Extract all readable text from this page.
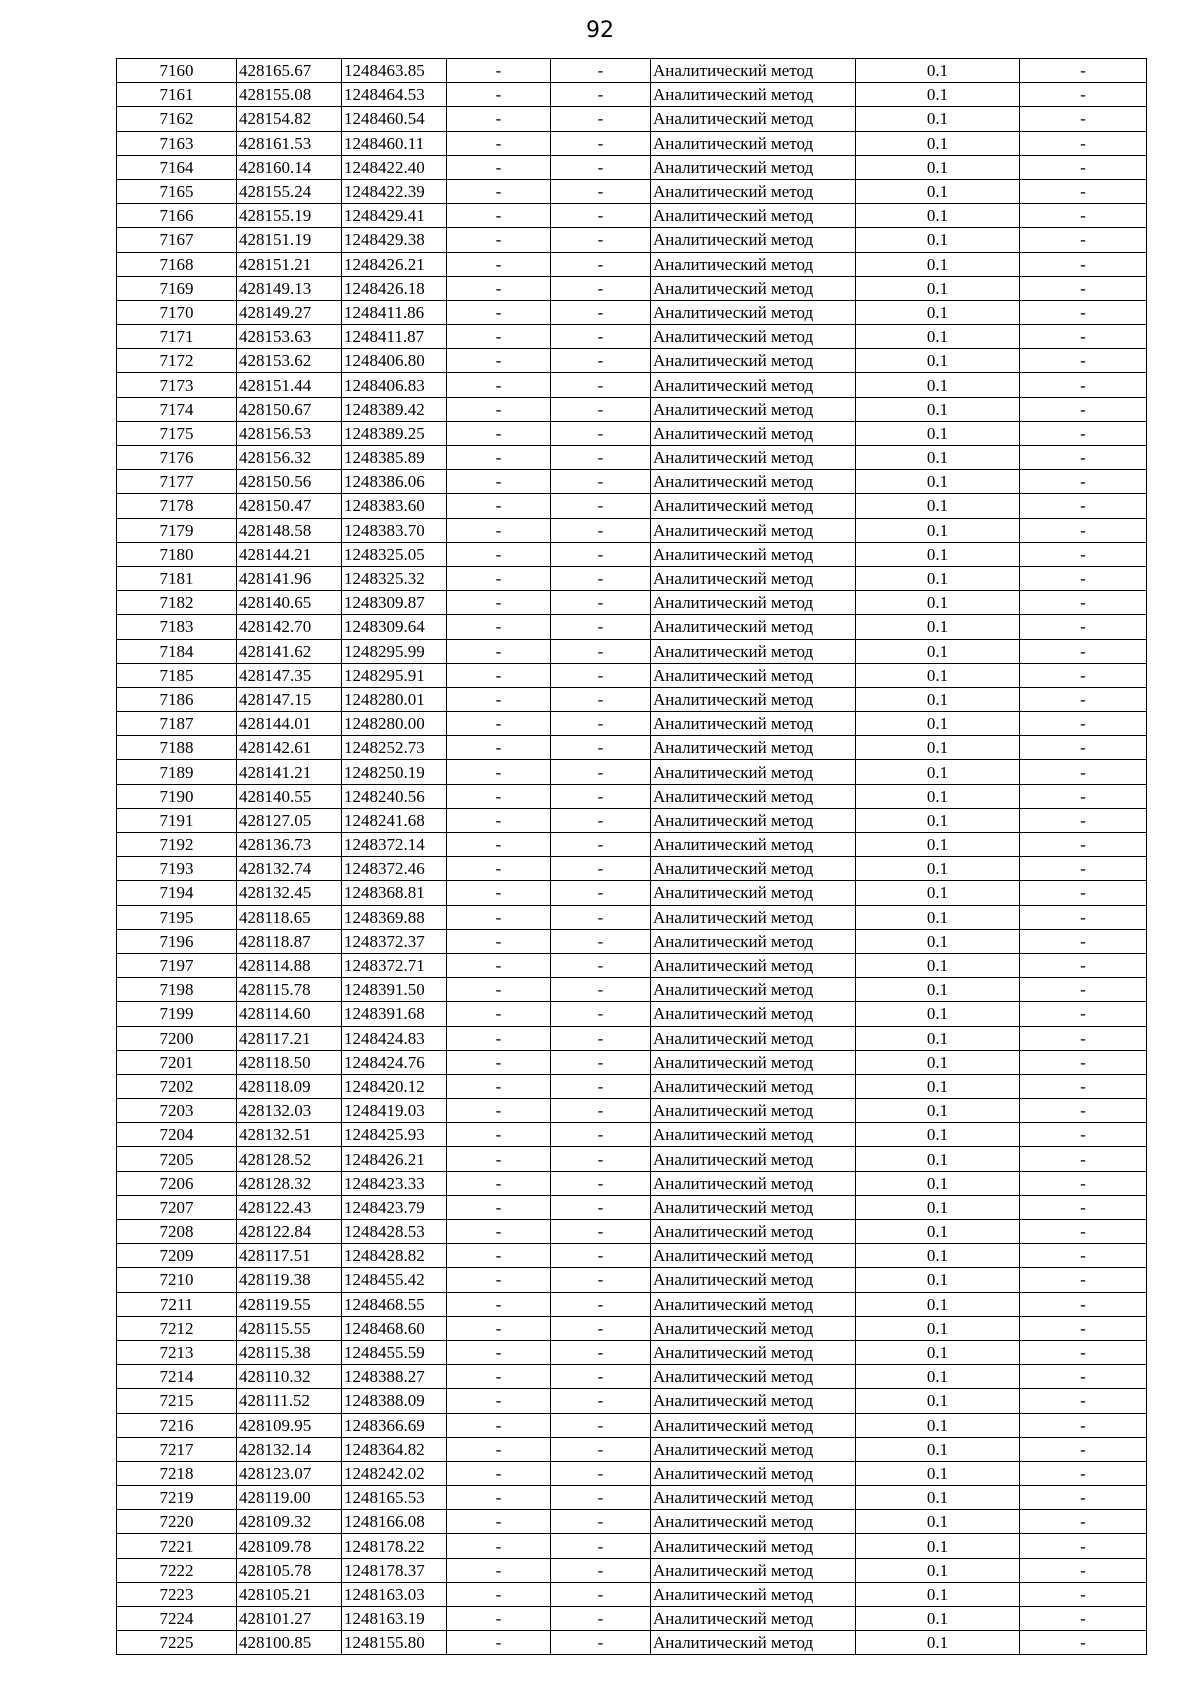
92
7160	428165.67	1248463.85	-	-	Аналитический метод	0.1	-
7161	428155.08	1248464.53	-	-	Аналитический метод	0.1	-
7162	428154.82	1248460.54	-	-	Аналитический метод	0.1	-
7163	428161.53	1248460.11	-	-	Аналитический метод	0.1	-
7164	428160.14	1248422.40	-	-	Аналитический метод	0.1	-
7165	428155.24	1248422.39	-	-	Аналитический метод	0.1	-
7166	428155.19	1248429.41	-	-	Аналитический метод	0.1	-
7167	428151.19	1248429.38	-	-	Аналитический метод	0.1	-
7168	428151.21	1248426.21	-	-	Аналитический метод	0.1	-
7169	428149.13	1248426.18	-	-	Аналитический метод	0.1	-
7170	428149.27	1248411.86	-	-	Аналитический метод	0.1	-
7171	428153.63	1248411.87	-	-	Аналитический метод	0.1	-
7172	428153.62	1248406.80	-	-	Аналитический метод	0.1	-
7173	428151.44	1248406.83	-	-	Аналитический метод	0.1	-
7174	428150.67	1248389.42	-	-	Аналитический метод	0.1	-
7175	428156.53	1248389.25	-	-	Аналитический метод	0.1	-
7176	428156.32	1248385.89	-	-	Аналитический метод	0.1	-
7177	428150.56	1248386.06	-	-	Аналитический метод	0.1	-
7178	428150.47	1248383.60	-	-	Аналитический метод	0.1	-
7179	428148.58	1248383.70	-	-	Аналитический метод	0.1	-
7180	428144.21	1248325.05	-	-	Аналитический метод	0.1	-
7181	428141.96	1248325.32	-	-	Аналитический метод	0.1	-
7182	428140.65	1248309.87	-	-	Аналитический метод	0.1	-
7183	428142.70	1248309.64	-	-	Аналитический метод	0.1	-
7184	428141.62	1248295.99	-	-	Аналитический метод	0.1	-
7185	428147.35	1248295.91	-	-	Аналитический метод	0.1	-
7186	428147.15	1248280.01	-	-	Аналитический метод	0.1	-
7187	428144.01	1248280.00	-	-	Аналитический метод	0.1	-
7188	428142.61	1248252.73	-	-	Аналитический метод	0.1	-
7189	428141.21	1248250.19	-	-	Аналитический метод	0.1	-
7190	428140.55	1248240.56	-	-	Аналитический метод	0.1	-
7191	428127.05	1248241.68	-	-	Аналитический метод	0.1	-
7192	428136.73	1248372.14	-	-	Аналитический метод	0.1	-
7193	428132.74	1248372.46	-	-	Аналитический метод	0.1	-
7194	428132.45	1248368.81	-	-	Аналитический метод	0.1	-
7195	428118.65	1248369.88	-	-	Аналитический метод	0.1	-
7196	428118.87	1248372.37	-	-	Аналитический метод	0.1	-
7197	428114.88	1248372.71	-	-	Аналитический метод	0.1	-
7198	428115.78	1248391.50	-	-	Аналитический метод	0.1	-
7199	428114.60	1248391.68	-	-	Аналитический метод	0.1	-
7200	428117.21	1248424.83	-	-	Аналитический метод	0.1	-
7201	428118.50	1248424.76	-	-	Аналитический метод	0.1	-
7202	428118.09	1248420.12	-	-	Аналитический метод	0.1	-
7203	428132.03	1248419.03	-	-	Аналитический метод	0.1	-
7204	428132.51	1248425.93	-	-	Аналитический метод	0.1	-
7205	428128.52	1248426.21	-	-	Аналитический метод	0.1	-
7206	428128.32	1248423.33	-	-	Аналитический метод	0.1	-
7207	428122.43	1248423.79	-	-	Аналитический метод	0.1	-
7208	428122.84	1248428.53	-	-	Аналитический метод	0.1	-
7209	428117.51	1248428.82	-	-	Аналитический метод	0.1	-
7210	428119.38	1248455.42	-	-	Аналитический метод	0.1	-
7211	428119.55	1248468.55	-	-	Аналитический метод	0.1	-
7212	428115.55	1248468.60	-	-	Аналитический метод	0.1	-
7213	428115.38	1248455.59	-	-	Аналитический метод	0.1	-
7214	428110.32	1248388.27	-	-	Аналитический метод	0.1	-
7215	428111.52	1248388.09	-	-	Аналитический метод	0.1	-
7216	428109.95	1248366.69	-	-	Аналитический метод	0.1	-
7217	428132.14	1248364.82	-	-	Аналитический метод	0.1	-
7218	428123.07	1248242.02	-	-	Аналитический метод	0.1	-
7219	428119.00	1248165.53	-	-	Аналитический метод	0.1	-
7220	428109.32	1248166.08	-	-	Аналитический метод	0.1	-
7221	428109.78	1248178.22	-	-	Аналитический метод	0.1	-
7222	428105.78	1248178.37	-	-	Аналитический метод	0.1	-
7223	428105.21	1248163.03	-	-	Аналитический метод	0.1	-
7224	428101.27	1248163.19	-	-	Аналитический метод	0.1	-
7225	428100.85	1248155.80	-	-	Аналитический метод	0.1	-
